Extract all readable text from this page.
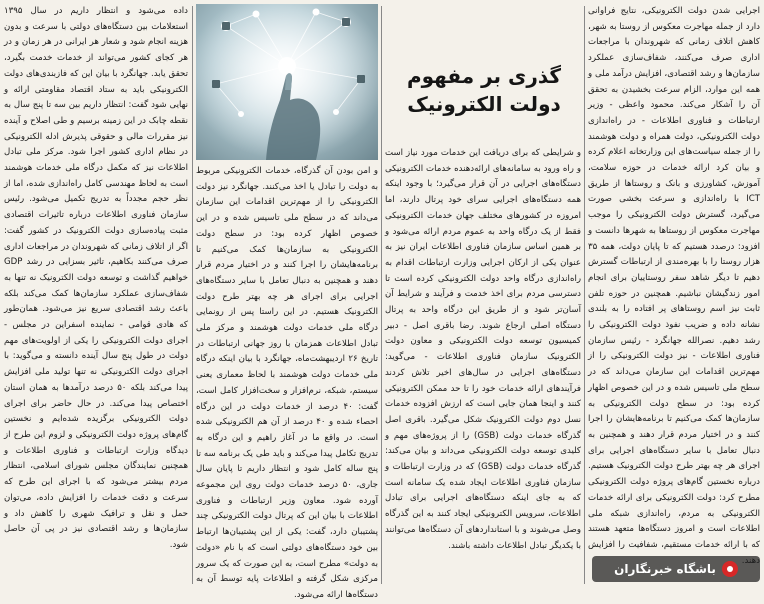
اجرایی شدن دولت الکترونیکی، نتایج فراوانی دارد از جمله مهاجرت معکوس از روستا به شهر، کاهش اتلاف زمانی که شهروندان با مراجعات اداری صرف می‌کنند، شفاف‌سازی عملکرد سازمان‌ها و رشد اقتصادی، افزایش درآمد ملی و همه این موارد، الزام سرعت بخشیدن به تحقق آن را آشکار می‌کند. محمود واعظی - وزیر ارتباطات و فناوری اطلاعات - در راه‌اندازی دولت الکترونیکی، دولت همراه و دولت هوشمند را از جمله سیاست‌های این وزارتخانه اعلام کرده و بیان کرد ارائه خدمات در حوزه سلامت، آموزش، کشاورزی و بانک و روستاها از طریق ICT با راه‌اندازی و سرعت بخشی صورت می‌گیرد، گسترش دولت الکترونیکی را موجب مهاجرت معکوس از روستاها به شهرها دانست و افزود: درصدد هستیم که تا پایان دولت، همه ۳۵ هزار روستا را با بهره‌مندی از ارتباطات گسترش دهیم تا دیگر شاهد سفر روستاییان برای انجام امور زندگیشان نباشیم. همچنین در حوزه تلفن ثابت نیز اسم روستاهای پر افتاده را به بلندی نشانه داده و ضریب نفوذ دولت الکترونیکی را رشد دهیم. نصرالله جهانگرد - رئیس سازمان فناوری اطلاعات - نیز دولت الکترونیکی را از مهم‌ترین اقدامات این سازمان می‌داند که در سطح ملی تاسیس شده و در این خصوص اظهار کرده بود: در سطح دولت الکترونیکی به سازمان‌ها کمک می‌کنیم تا برنامه‌هایشان را اجرا کنند و در اختیار مردم قرار دهند و همچنین به دنبال تعامل با سایر دستگاه‌های اجرایی برای اجرای هر چه بهتر طرح دولت الکترونیک هستیم. درباره نخستین گام‌های پروژه دولت الکترونیکی مطرح کرد: دولت الکترونیکی برای ارائه خدمات الکترونیکی به مردم، راه‌اندازی شبکه ملی اطلاعات است و امروز دستگاه‌ها متعهد هستند که با ارائه خدمات مستقیم، شفافیت را افزایش

گذری بر مفهوم
دولت الکترونیک

و شرایطی که برای دریافت این خدمات مورد نیاز است و راه ورود به سامانه‌های ارائه‌دهنده خدمات الکترونیکی دستگاه‌های اجرایی در آن قرار می‌گیرد؛ با وجود اینکه همه دستگاه‌های اجرایی سرای خود پرتال دارند، اما امروزه در کشورهای مختلف جهان خدمات الکترونیکی فقط از یک درگاه واحد به عموم مردم ارائه می‌شود و بر همین اساس سازمان فناوری اطلاعات ایران نیز به عنوان یکی از ارکان اجرایی وزارت ارتباطات اقدام به راه‌اندازی درگاه واحد دولت الکترونیکی کرده است تا دسترسی مردم برای اخذ خدمت و فرآیند و شرایط آن آسان‌تر شود و از طریق این درگاه واحد به پرتال دستگاه اصلی ارجاع شوند. رضا باقری اصل - دبیر کمیسیون توسعه دولت الکترونیکی و معاون دولت الکترونیک سازمان فناوری اطلاعات - می‌گوید: دستگاه‌های اجرایی در سال‌های اخیر تلاش کردند فرآیندهای ارائه خدمات خود را تا حد ممکن الکترونیکی کنند و اینجا همان جایی است که ارزش افزوده خدمات نسل دوم دولت الکترونیک شکل می‌گیرد. باقری اصل گذرگاه خدمات دولت (GSB) را از پروژه‌های مهم و کلیدی توسعه دولت الکترونیکی می‌داند و بیان می‌کند: گذرگاه خدمات دولت (GSB) که در وزارت ارتباطات و سازمان فناوری اطلاعات ایجاد شده یک سامانه است که به جای اینکه دستگاه‌های اجرایی برای تبادل اطلاعات، سرویس الکترونیکی ایجاد کنند به این گذرگاه وصل می‌شوند و با استانداردهای آن دستگاه‌ها می‌توانند با یکدیگر تبادل اطلاعات داشته باشند.

و امن بودن آن گذرگاه، خدمات الکترونیکی مربوط به دولت را تبادل یا اخذ می‌کنند. جهانگرد نیز دولت الکترونیکی را از مهم‌ترین اقدامات این سازمان می‌داند که در سطح ملی تاسیس شده و در این خصوص اظهار کرده بود: در سطح دولت الکترونیکی به سازمان‌ها کمک می‌کنیم تا برنامه‌هایشان را اجرا کنند و در اختیار مردم قرار دهند و همچنین به دنبال تعامل با سایر دستگاه‌های اجرایی برای اجرای هر چه بهتر طرح دولت الکترونیک هستیم. در این راستا پس از رونمایی درگاه ملی خدمات دولت هوشمند و مرکز ملی تبادل اطلاعات همزمان با روز جهانی ارتباطات در تاریخ ۲۶ اردیبهشت‌ماه، جهانگرد با بیان اینکه درگاه ملی خدمات دولت هوشمند با لحاظ معماری یعنی سیستم، شبکه، نرم‌افزار و سخت‌افزار کامل است، گفت: ۴۰ درصد از خدمات دولت در این درگاه احصاء شده و ۴۰ درصد از آن هم الکترونیکی شده است. در واقع ما در آغاز راهیم و این درگاه به تدریج تکامل پیدا می‌کند و باید طی یک برنامه سه تا پنج ساله کامل شود و انتظار داریم تا پایان سال جاری، ۵۰ درصد خدمات دولت روی این مجموعه آورده شود. معاون وزیر ارتباطات و فناوری اطلاعات با بیان این که پرتال دولت الکترونیکی چند پشتیبان دارد، گفت: یکی از این پشتیبان‌ها ارتباط بین خود دستگاه‌های دولتی است که با نام «دولت به دولت» مطرح است، به این صورت که یک سرور مرکزی شکل گرفته و اطلاعات پایه توسط آن به دستگاه‌ها ارائه می‌شود.

داده می‌شود و انتظار داریم در سال ۱۳۹۵ استعلامات بین دستگاه‌های دولتی با سرعت و بدون هزینه انجام شود و شعار هر ایرانی در هر زمان و در هر کجای کشور می‌تواند از خدمات خدمت بگیرد، تحقق یابد. جهانگرد با بیان این که فازبندی‌های دولت الکترونیکی باید به ستاد اقتصاد مقاومتی ارائه و نهایی شود گفت: انتظار داریم بین سه تا پنج سال به نقطه چابک در این زمینه برسیم و طی اصلاح و آینده نیز مقررات مالی و حقوقی پذیرش ادله الکترونیکی در نظام اداری کشور اجرا شود. مرکز ملی تبادل اطلاعات نیز که مکمل درگاه ملی خدمات هوشمند است به لحاظ مهندسی کامل راه‌اندازی شده، اما از نظر حجم مجدداً به تدریج تکمیل می‌شود. رئیس سازمان فناوری اطلاعات درباره تاثیرات اقتصادی مثبت پیاده‌سازی دولت الکترونیک در کشور گفت: اگر از اتلاف زمانی که شهروندان در مراجعات اداری صرف می‌کنند بکاهیم، تاثیر بسزایی در رشد GDP خواهیم گذاشت و توسعه دولت الکترونیک نه تنها به شفاف‌سازی عملکرد سازمان‌ها کمک می‌کند بلکه باعث رشد اقتصادی سریع نیز می‌شود. همان‌طور که هادی قوامی - نماینده اسفراین در مجلس - اجرای دولت الکترونیکی را یکی از اولویت‌های مهم دولت در طول پنج سال آینده دانسته و می‌گوید: با اجرای دولت الکترونیکی نه تنها تولید ملی افزایش پیدا می‌کند بلکه ۵۰ درصد درآمدها به همان استان اختصاص پیدا می‌کند. در حال حاضر برای اجرای دولت الکترونیکی برگزیده شده‌ایم و نخستین گام‌های پروژه دولت الکترونیکی و لزوم این طرح از دیدگاه وزارت ارتباطات و فناوری اطلاعات و همچنین نمایندگان مجلس شورای اسلامی، انتظار مردم بیشتر می‌شود که با اجرای این طرح که سرعت و دقت خدمات را افزایش داده، می‌توان حمل و نقل و ترافیک شهری را کاهش داد و سازمان‌ها و رشد اقتصادی نیز در پی آن حاصل شود.

باشگاه خبرنگاران
